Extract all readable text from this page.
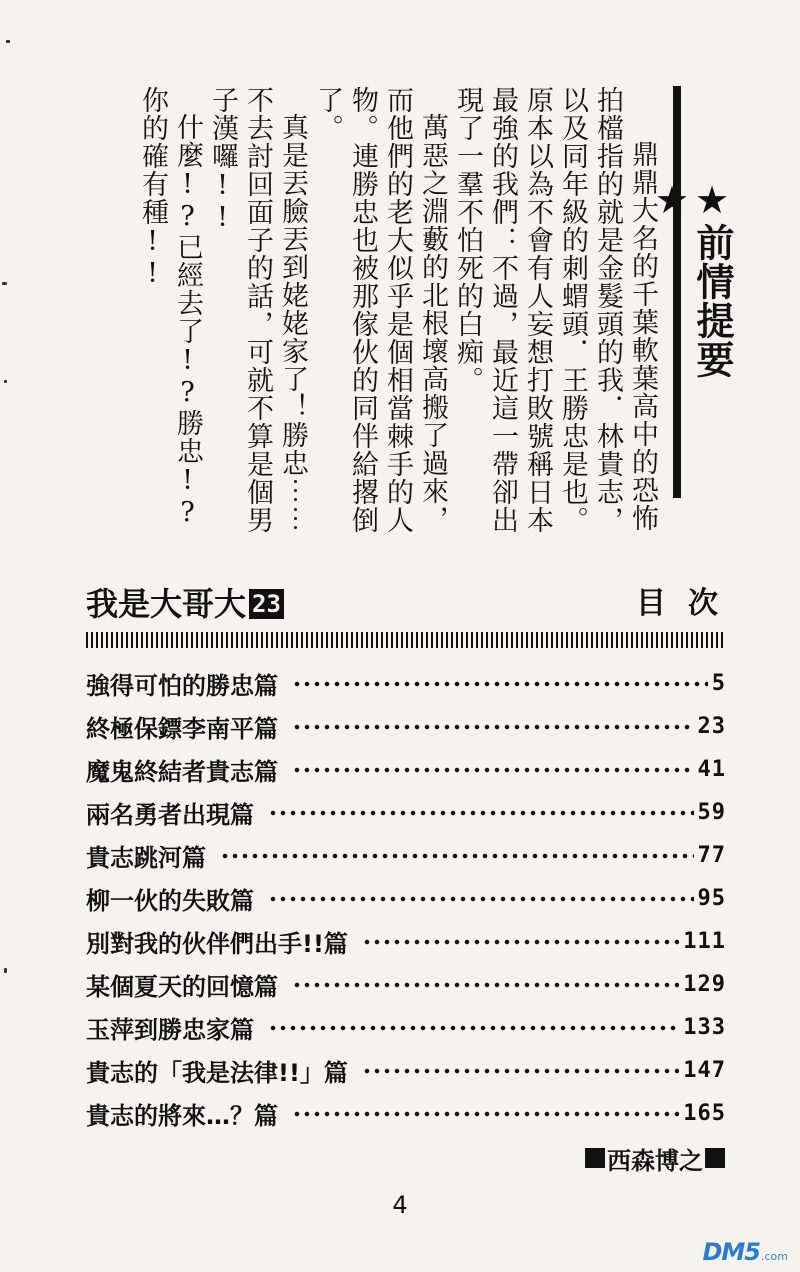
★前情提要★

鼎鼎大名的千葉軟葉高中的恐怖拍檔指的就是金髮頭的我．林貴志，以及同年級的刺蝟頭．王勝忠是也。原本以為不會有人妄想打敗號稱日本最強的我們：不過，最近這一帶卻出現了一羣不怕死的白痴。

萬惡之淵藪的北根壞高搬了過來，而他們的老大似乎是個相當棘手的人物。連勝忠也被那傢伙的同伴給撂倒了。

真是丟臉丟到姥姥家了！勝忠⋯⋯不去討回面子的話，可就不算是個男子漢囉!!

什麼!?已經去了!?勝忠!?你的確有種!!

我是大哥大 23	目次
強得可怕的勝忠篇	5
終極保鏢李南平篇	23
魔鬼終結者貴志篇	41
兩名勇者出現篇	59
貴志跳河篇	77
柳一伙的失敗篇	95
別對我的伙伴們出手!!篇	111
某個夏天的回憶篇	129
玉萍到勝忠家篇	133
貴志的「我是法律!!」篇	147
貴志的將來…？篇	165
西森博之
4
DM5 .com
